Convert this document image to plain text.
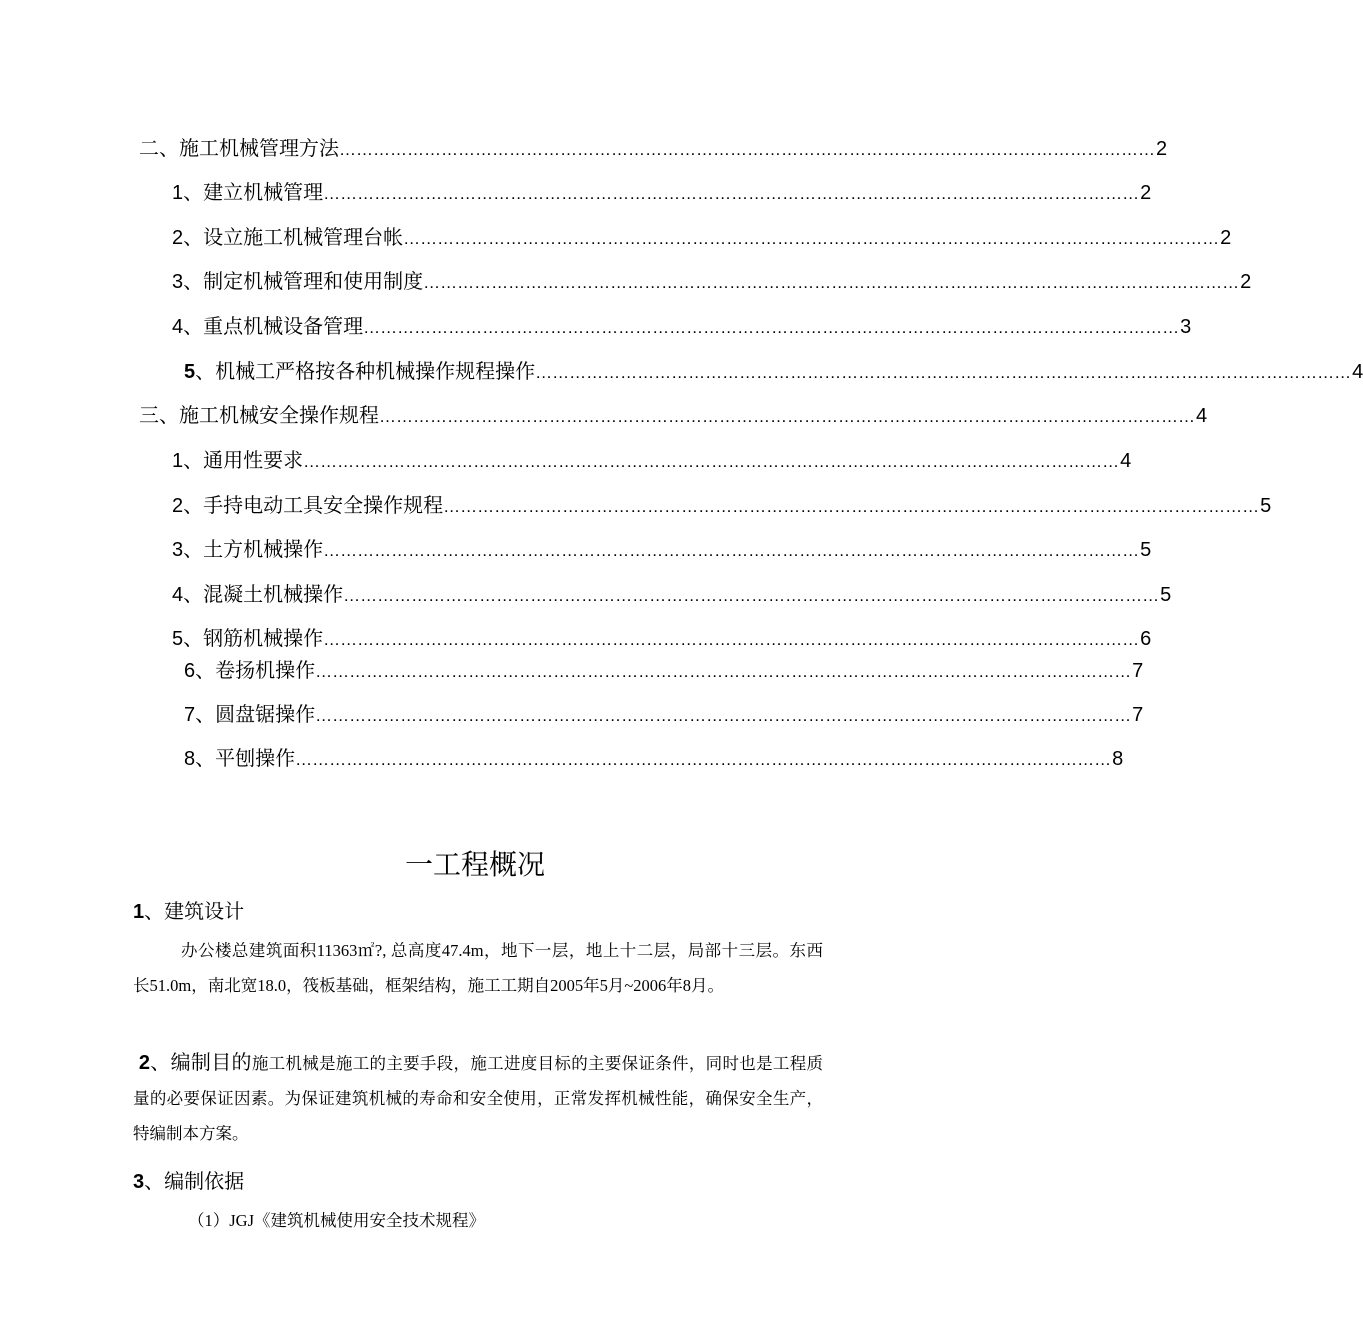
二、施工机械管理方法 ……………………………………………………………………………………………………………………………… 2
1、建立机械管理 ……………………………………………………………………………………………………………………………… 2
2、设立施工机械管理台帐 ……………………………………………………………………………………………………………………………… 2
3、制定机械管理和使用制度 ……………………………………………………………………………………………………………………………… 2
4、重点机械设备管理 ……………………………………………………………………………………………………………………………… 3
5、机械工严格按各种机械操作规程操作 ……………………………………………………………………………………………………………………………… 4
三、施工机械安全操作规程 ……………………………………………………………………………………………………………………………… 4
1、通用性要求 ……………………………………………………………………………………………………………………………… 4
2、手持电动工具安全操作规程 ……………………………………………………………………………………………………………………………… 5
3、土方机械操作 ……………………………………………………………………………………………………………………………… 5
4、混凝土机械操作 ……………………………………………………………………………………………………………………………… 5
5、钢筋机械操作 ……………………………………………………………………………………………………………………………… 6
6、卷扬机操作 ……………………………………………………………………………………………………………………………… 7
7、圆盘锯操作 ……………………………………………………………………………………………………………………………… 7
8、平刨操作 ……………………………………………………………………………………………………………………………… 8
一工程概况
1、建筑设计
办公楼总建筑面积11363㎡?, 总高度47.4m，地下一层，地上十二层，局部十三层。东西长51.0m，南北宽18.0，筏板基础，框架结构，施工工期自2005年5月~2006年8月。
2、编制目的施工机械是施工的主要手段，施工进度目标的主要保证条件，同时也是工程质量的必要保证因素。为保证建筑机械的寿命和安全使用，正常发挥机械性能，确保安全生产，特编制本方案。
3、编制依据
（1）JGJ《建筑机械使用安全技术规程》
